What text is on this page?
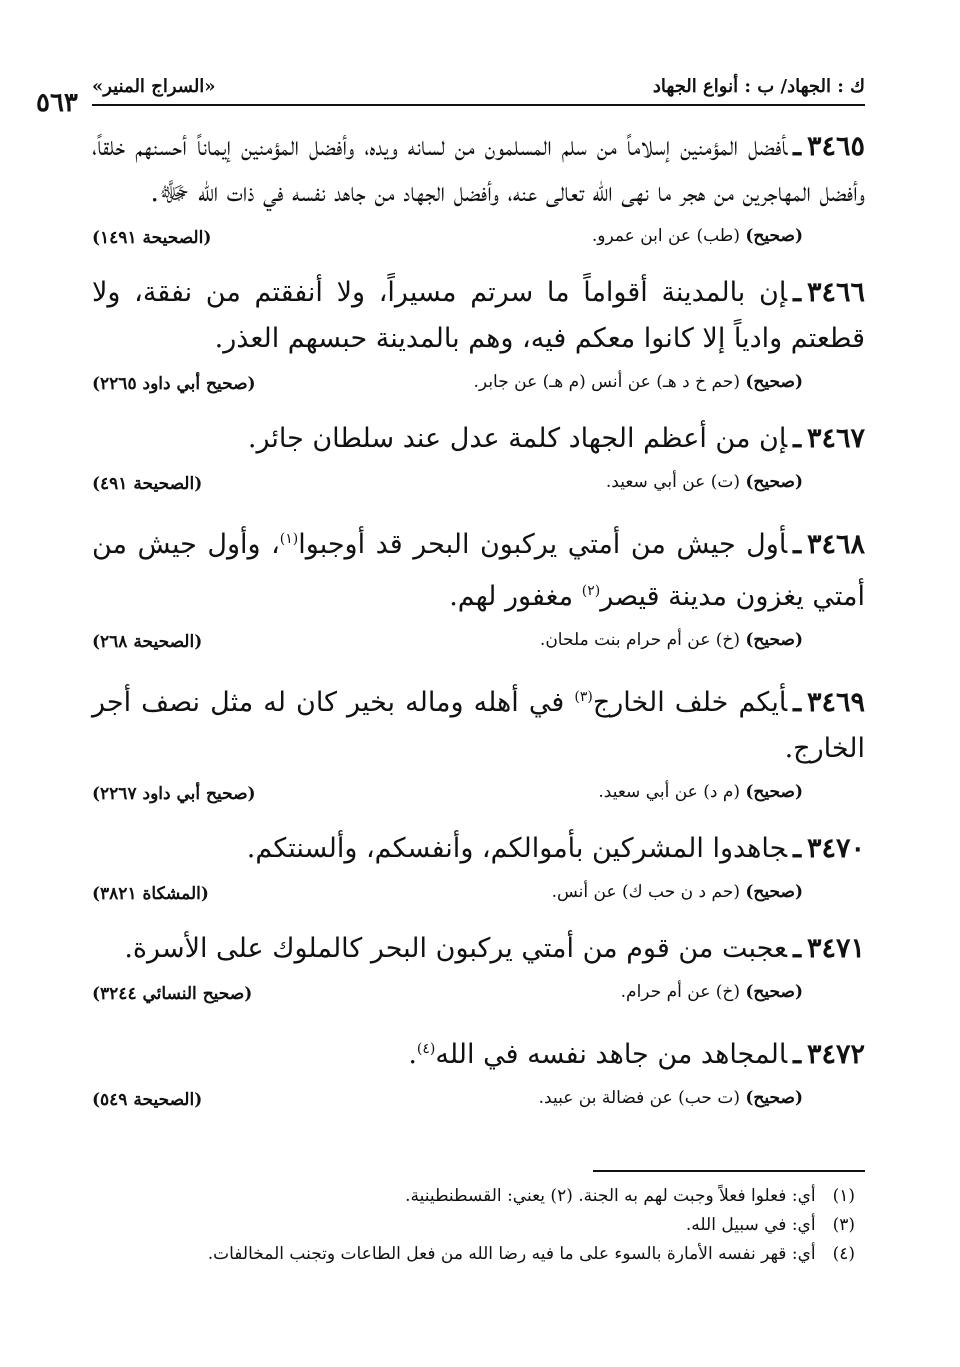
ك : الجهاد/ ب : أنواع الجهاد
«السراج المنير»
٥٦٣
٣٤٦٥ـأفضل المؤمنين إسلاماً من سلم المسلمون من لسانه ويده، وأفضل المؤمنين إيماناً أحسنهم خلقاً، وأفضل المهاجرين من هجر ما نهى الله تعالى عنه، وأفضل الجهاد من جاهد نفسه في ذات الله ﷻ.
(صحيح) (طب) عن ابن عمرو.
(الصحيحة ١٤٩١)
٣٤٦٦ـإن بالمدينة أقواماً ما سرتم مسيراً، ولا أنفقتم من نفقة، ولا قطعتم وادياً إلا كانوا معكم فيه، وهم بالمدينة حبسهم العذر.
(صحيح) (حم خ د هـ) عن أنس (م هـ) عن جابر.
(صحيح أبي داود ٢٢٦٥)
٣٤٦٧ـإن من أعظم الجهاد كلمة عدل عند سلطان جائر.
(صحيح) (ت) عن أبي سعيد.
(الصحيحة ٤٩١)
٣٤٦٨ـأول جيش من أمتي يركبون البحر قد أوجبوا$^{(١)}$، وأول جيش من أمتي يغزون مدينة قيصر$^{(٢)}$ مغفور لهم.
(صحيح) (خ) عن أم حرام بنت ملحان.
(الصحيحة ٢٦٨)
٣٤٦٩ـأيكم خلف الخارج$^{(٣)}$ في أهله وماله بخير كان له مثل نصف أجر الخارج.
(صحيح) (م د) عن أبي سعيد.
(صحيح أبي داود ٢٢٦٧)
٣٤٧٠ـجاهدوا المشركين بأموالكم، وأنفسكم، وألسنتكم.
(صحيح) (حم د ن حب ك) عن أنس.
(المشكاة ٣٨٢١)
٣٤٧١ـعجبت من قوم من أمتي يركبون البحر كالملوك على الأسرة.
(صحيح) (خ) عن أم حرام.
(صحيح النسائي ٣٢٤٤)
٣٤٧٢ـالمجاهد من جاهد نفسه في الله$^{(٤)}$.
(صحيح) (ت حب) عن فضالة بن عبيد.
(الصحيحة ٥٤٩)
(١) أي: فعلوا فعلاً وجبت لهم به الجنة. (٢) يعني: القسطنطينية.
(٣) أي: في سبيل الله.
(٤) أي: قهر نفسه الأمارة بالسوء على ما فيه رضا الله من فعل الطاعات وتجنب المخالفات.
